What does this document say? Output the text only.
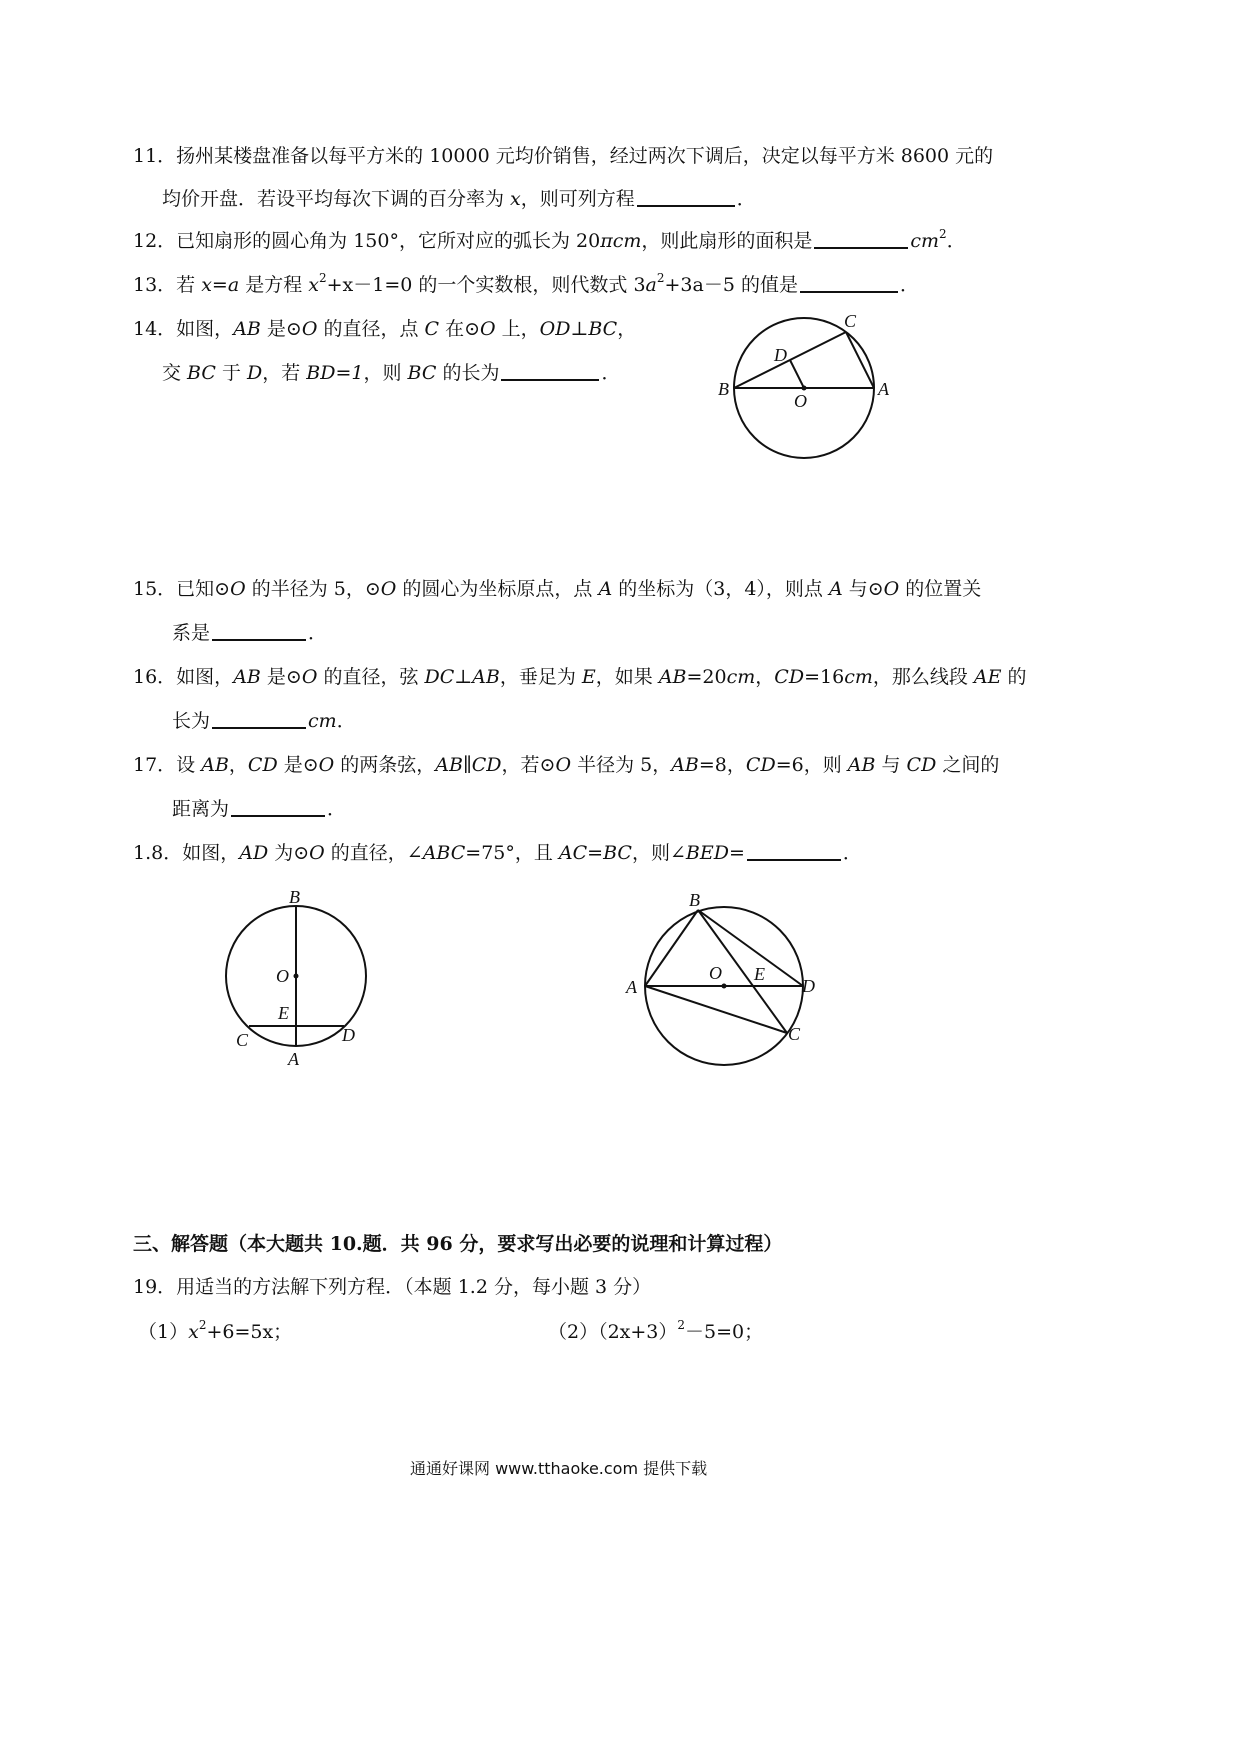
11．扬州某楼盘准备以每平方米的 10000 元均价销售，经过两次下调后，决定以每平方米 8600 元的
均价开盘．若设平均每次下调的百分率为 x，则可列方程	．
12．已知扇形的圆心角为 150°，它所对应的弧长为 20πcm，则此扇形的面积是	$cm^2$．
13．若 x=a 是方程 $x^2+x-1=0$ 的一个实数根，则代数式 $3a^2+3a-5$ 的值是	．
14．如图，AB 是⊙O 的直径，点 C 在⊙O 上，OD⊥BC，
交 BC 于 D，若 BD=1，则 BC 的长为	．
B	A
C
D
O
15．已知⊙O 的半径为 5，⊙O 的圆心为坐标原点，点 A 的坐标为（3，4），则点 A 与⊙O 的位置关
系是	．
16．如图，AB 是⊙O 的直径，弦 DC⊥AB，垂足为 E，如果 AB=20cm，CD=16cm，那么线段 AE 的
长为	cm．
17．设 AB，CD 是⊙O 的两条弦，AB∥CD，若⊙O 半径为 5，AB=8，CD=6，则 AB 与 CD 之间的
距离为	．
1.8．如图，AD 为⊙O 的直径，∠ABC=75°，且 AC=BC，则∠BED=	．
B
O
E
C	D
A
B
A
O E
D
C
三、解答题（本大题共 10.题．共 96 分，要求写出必要的说理和计算过程）
19．用适当的方法解下列方程．（本题 1.2 分，每小题 3 分）
$(1)x^2+6=5x$；	$(2)(2x+3)^2-5=0$；
通通好课网 www.tthaoke.com 提供下载
